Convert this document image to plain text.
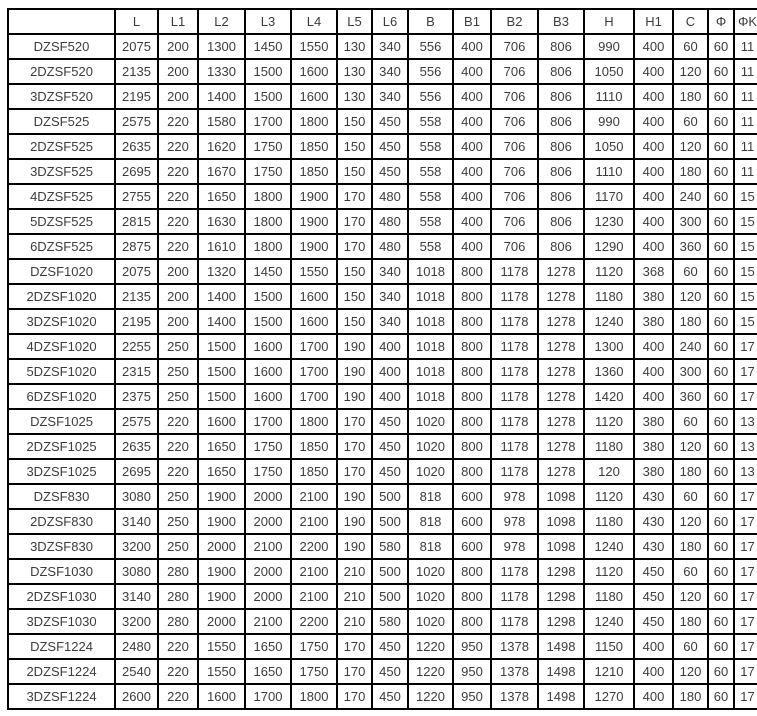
	L	L1	L2	L3	L4	L5	L6	B	B1	B2	B3	H	H1	C	Φ	ΦK
DZSF520	2075	200	1300	1450	1550	130	340	556	400	706	806	990	400	60	60	11
2DZSF520	2135	200	1330	1500	1600	130	340	556	400	706	806	1050	400	120	60	11
3DZSF520	2195	200	1400	1500	1600	130	340	556	400	706	806	1110	400	180	60	11
DZSF525	2575	220	1580	1700	1800	150	450	558	400	706	806	990	400	60	60	11
2DZSF525	2635	220	1620	1750	1850	150	450	558	400	706	806	1050	400	120	60	11
3DZSF525	2695	220	1670	1750	1850	150	450	558	400	706	806	1110	400	180	60	11
4DZSF525	2755	220	1650	1800	1900	170	480	558	400	706	806	1170	400	240	60	15
5DZSF525	2815	220	1630	1800	1900	170	480	558	400	706	806	1230	400	300	60	15
6DZSF525	2875	220	1610	1800	1900	170	480	558	400	706	806	1290	400	360	60	15
DZSF1020	2075	200	1320	1450	1550	150	340	1018	800	1178	1278	1120	368	60	60	15
2DZSF1020	2135	200	1400	1500	1600	150	340	1018	800	1178	1278	1180	380	120	60	15
3DZSF1020	2195	200	1400	1500	1600	150	340	1018	800	1178	1278	1240	380	180	60	15
4DZSF1020	2255	250	1500	1600	1700	190	400	1018	800	1178	1278	1300	400	240	60	17
5DZSF1020	2315	250	1500	1600	1700	190	400	1018	800	1178	1278	1360	400	300	60	17
6DZSF1020	2375	250	1500	1600	1700	190	400	1018	800	1178	1278	1420	400	360	60	17
DZSF1025	2575	220	1600	1700	1800	170	450	1020	800	1178	1278	1120	380	60	60	13
2DZSF1025	2635	220	1650	1750	1850	170	450	1020	800	1178	1278	1180	380	120	60	13
3DZSF1025	2695	220	1650	1750	1850	170	450	1020	800	1178	1278	120	380	180	60	13
DZSF830	3080	250	1900	2000	2100	190	500	818	600	978	1098	1120	430	60	60	17
2DZSF830	3140	250	1900	2000	2100	190	500	818	600	978	1098	1180	430	120	60	17
3DZSF830	3200	250	2000	2100	2200	190	580	818	600	978	1098	1240	430	180	60	17
DZSF1030	3080	280	1900	2000	2100	210	500	1020	800	1178	1298	1120	450	60	60	17
2DZSF1030	3140	280	1900	2000	2100	210	500	1020	800	1178	1298	1180	450	120	60	17
3DZSF1030	3200	280	2000	2100	2200	210	580	1020	800	1178	1298	1240	450	180	60	17
DZSF1224	2480	220	1550	1650	1750	170	450	1220	950	1378	1498	1150	400	60	60	17
2DZSF1224	2540	220	1550	1650	1750	170	450	1220	950	1378	1498	1210	400	120	60	17
3DZSF1224	2600	220	1600	1700	1800	170	450	1220	950	1378	1498	1270	400	180	60	17
